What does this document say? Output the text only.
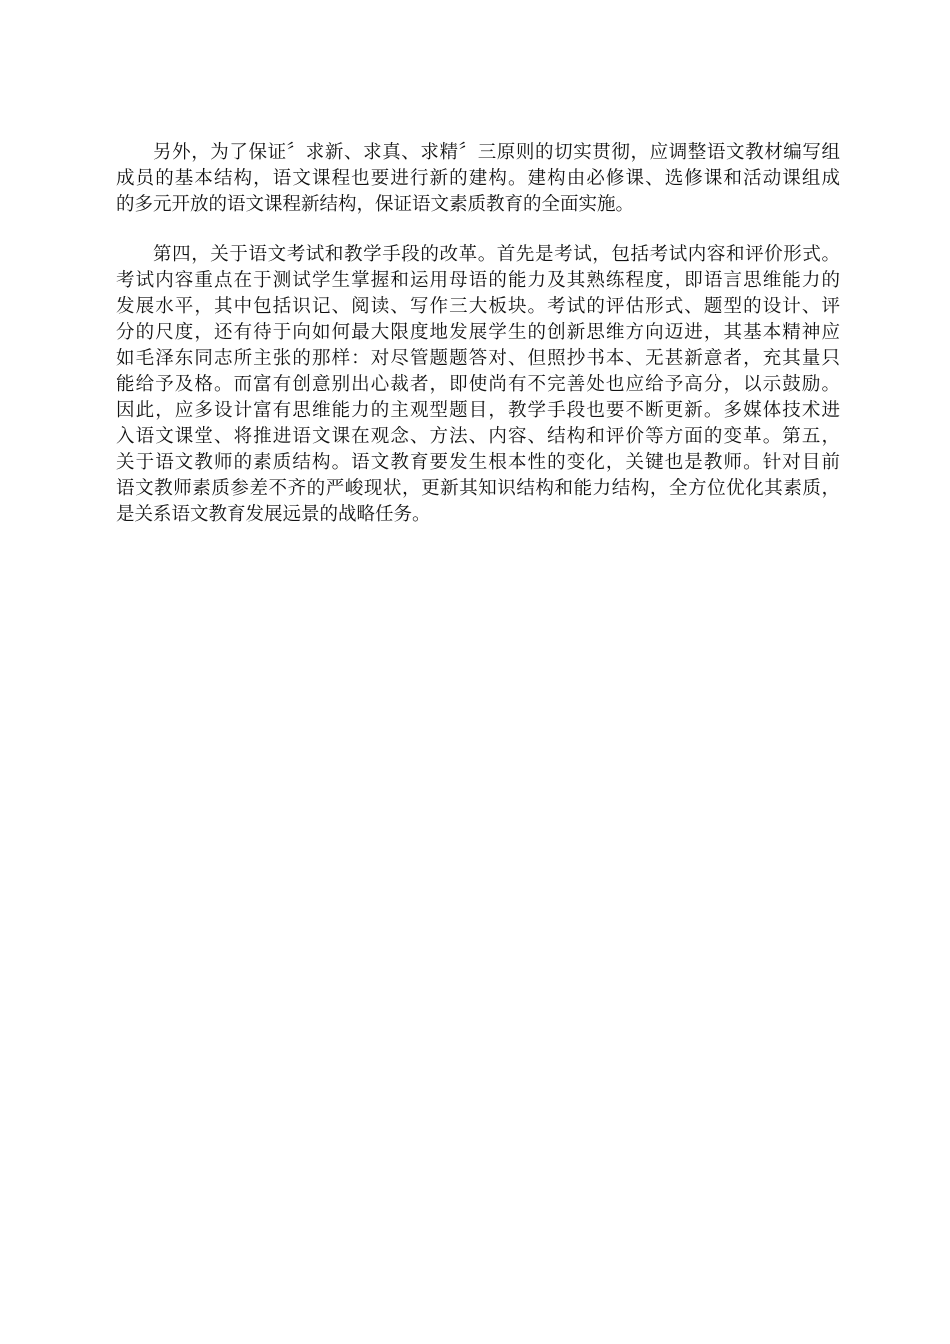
另外，为了保证〞求新、求真、求精〞三原则的切实贯彻，应调整语文教材编写组
成员的基本结构，语文课程也要进行新的建构。建构由必修课、选修课和活动课组成
的多元开放的语文课程新结构，保证语文素质教育的全面实施。
第四，关于语文考试和教学手段的改革。首先是考试，包括考试内容和评价形式。
考试内容重点在于测试学生掌握和运用母语的能力及其熟练程度，即语言思维能力的
发展水平，其中包括识记、阅读、写作三大板块。考试的评估形式、题型的设计、评
分的尺度，还有待于向如何最大限度地发展学生的创新思维方向迈进，其基本精神应
如毛泽东同志所主张的那样：对尽管题题答对、但照抄书本、无甚新意者，充其量只
能给予及格。而富有创意别出心裁者，即使尚有不完善处也应给予高分，以示鼓励。
因此，应多设计富有思维能力的主观型题目，教学手段也要不断更新。多媒体技术进
入语文课堂、将推进语文课在观念、方法、内容、结构和评价等方面的变革。第五，
关于语文教师的素质结构。语文教育要发生根本性的变化，关键也是教师。针对目前
语文教师素质参差不齐的严峻现状，更新其知识结构和能力结构，全方位优化其素质，
是关系语文教育发展远景的战略任务。
